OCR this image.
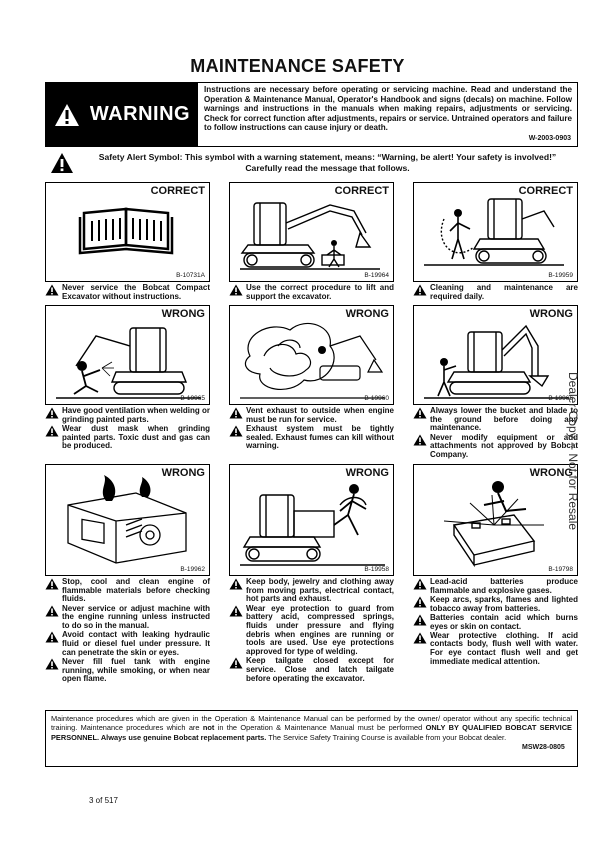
MAINTENANCE SAFETY
WARNING
Instructions are necessary before operating or servicing machine. Read and understand the Operation & Maintenance Manual, Operator's Handbook and signs (decals) on machine. Follow warnings and instructions in the manuals when making repairs, adjustments or servicing. Check for correct function after adjustments, repairs or service. Untrained operators and failure to follow instructions can cause injury or death.
W-2003-0903
Safety Alert Symbol: This symbol with a warning statement, means: “Warning, be alert! Your safety is involved!” Carefully read the message that follows.
CORRECT
B-10731A
Never service the Bobcat Compact Excavator without instructions.
CORRECT
B-19964
Use the correct procedure to lift and support the excavator.
CORRECT
B-19959
Cleaning and maintenance are required daily.
WRONG
B-19965
Have good ventilation when welding or grinding painted parts.
Wear dust mask when grinding painted parts. Toxic dust and gas can be produced.
WRONG
B-19960
Vent exhaust to outside when engine must be run for service.
Exhaust system must be tightly sealed. Exhaust fumes can kill without warning.
WRONG
B-19966
Always lower the bucket and blade to the ground before doing any maintenance.
Never modify equipment or add attachments not approved by Bobcat Company.
WRONG
B-19962
Stop, cool and clean engine of flammable materials before checking fluids.
Never service or adjust machine with the engine running unless instructed to do so in the manual.
Avoid contact with leaking hydraulic fluid or diesel fuel under pressure. It can penetrate the skin or eyes.
Never fill fuel tank with engine running, while smoking, or when near open flame.
WRONG
B-19958
Keep body, jewelry and clothing away from moving parts, electrical contact, hot parts and exhaust.
Wear eye protection to guard from battery acid, compressed springs, fluids under pressure and flying debris when engines are running or tools are used. Use eye protections approved for type of welding.
Keep tailgate closed except for service. Close and latch tailgate before operating the excavator.
WRONG
B-19798
Lead-acid batteries produce flammable and explosive gases.
Keep arcs, sparks, flames and lighted tobacco away from batteries.
Batteries contain acid which burns eyes or skin on contact.
Wear protective clothing. If acid contacts body, flush well with water. For eye contact flush well and get immediate medical attention.
Maintenance procedures which are given in the Operation & Maintenance Manual can be performed by the owner/ operator without any specific technical training. Maintenance procedures which are not in the Operation & Maintenance Manual must be performed ONLY BY QUALIFIED BOBCAT SERVICE PERSONNEL. Always use genuine Bobcat replacement parts. The Service Safety Training Course is available from your Bobcat dealer.
MSW28-0805
3 of 517
Dealer Copy -- Not for Resale
